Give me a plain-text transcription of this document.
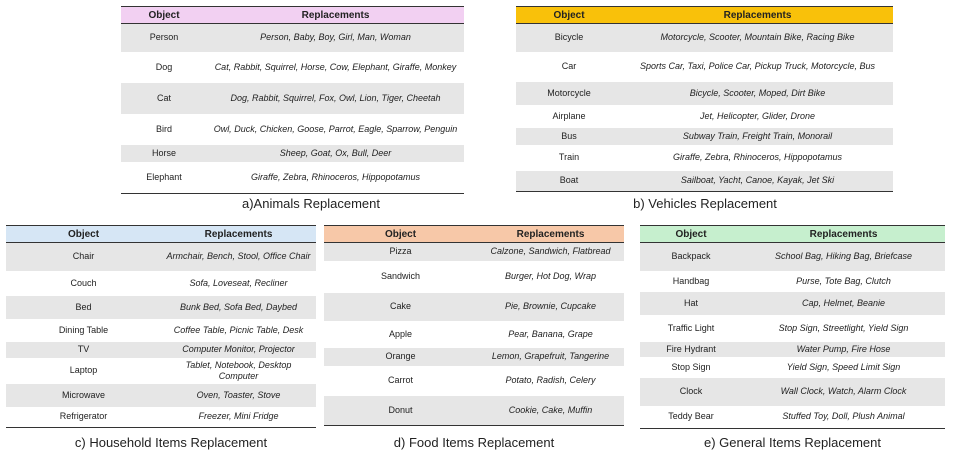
Object	Replacements
Person	Person, Baby, Boy, Girl, Man, Woman
Dog	Cat, Rabbit, Squirrel, Horse, Cow, Elephant, Giraffe, Monkey
Cat	Dog, Rabbit, Squirrel, Fox, Owl, Lion, Tiger, Cheetah
Bird	Owl, Duck, Chicken, Goose, Parrot, Eagle, Sparrow, Penguin
Horse	Sheep, Goat, Ox, Bull, Deer
Elephant	Giraffe, Zebra, Rhinoceros, Hippopotamus
a)Animals Replacement
Object	Replacements
Bicycle	Motorcycle, Scooter, Mountain Bike, Racing Bike
Car	Sports Car, Taxi, Police Car, Pickup Truck, Motorcycle, Bus
Motorcycle	Bicycle, Scooter, Moped, Dirt Bike
Airplane	Jet, Helicopter, Glider, Drone
Bus	Subway Train, Freight Train, Monorail
Train	Giraffe, Zebra, Rhinoceros, Hippopotamus
Boat	Sailboat, Yacht, Canoe, Kayak, Jet Ski
b) Vehicles Replacement
Object	Replacements
Chair	Armchair, Bench, Stool, Office Chair
Couch	Sofa, Loveseat, Recliner
Bed	Bunk Bed, Sofa Bed, Daybed
Dining Table	Coffee Table, Picnic Table, Desk
TV	Computer Monitor, Projector
Laptop	Tablet, Notebook, Desktop Computer
Microwave	Oven, Toaster, Stove
Refrigerator	Freezer, Mini Fridge
c) Household Items Replacement
Object	Replacements
Pizza	Calzone, Sandwich, Flatbread
Sandwich	Burger, Hot Dog, Wrap
Cake	Pie, Brownie, Cupcake
Apple	Pear, Banana, Grape
Orange	Lemon, Grapefruit, Tangerine
Carrot	Potato, Radish, Celery
Donut	Cookie, Cake, Muffin
d) Food Items Replacement
Object	Replacements
Backpack	School Bag, Hiking Bag, Briefcase
Handbag	Purse, Tote Bag, Clutch
Hat	Cap, Helmet, Beanie
Traffic Light	Stop Sign, Streetlight, Yield Sign
Fire Hydrant	Water Pump, Fire Hose
Stop Sign	Yield Sign, Speed Limit Sign
Clock	Wall Clock, Watch, Alarm Clock
Teddy Bear	Stuffed Toy, Doll, Plush Animal
e) General Items Replacement
